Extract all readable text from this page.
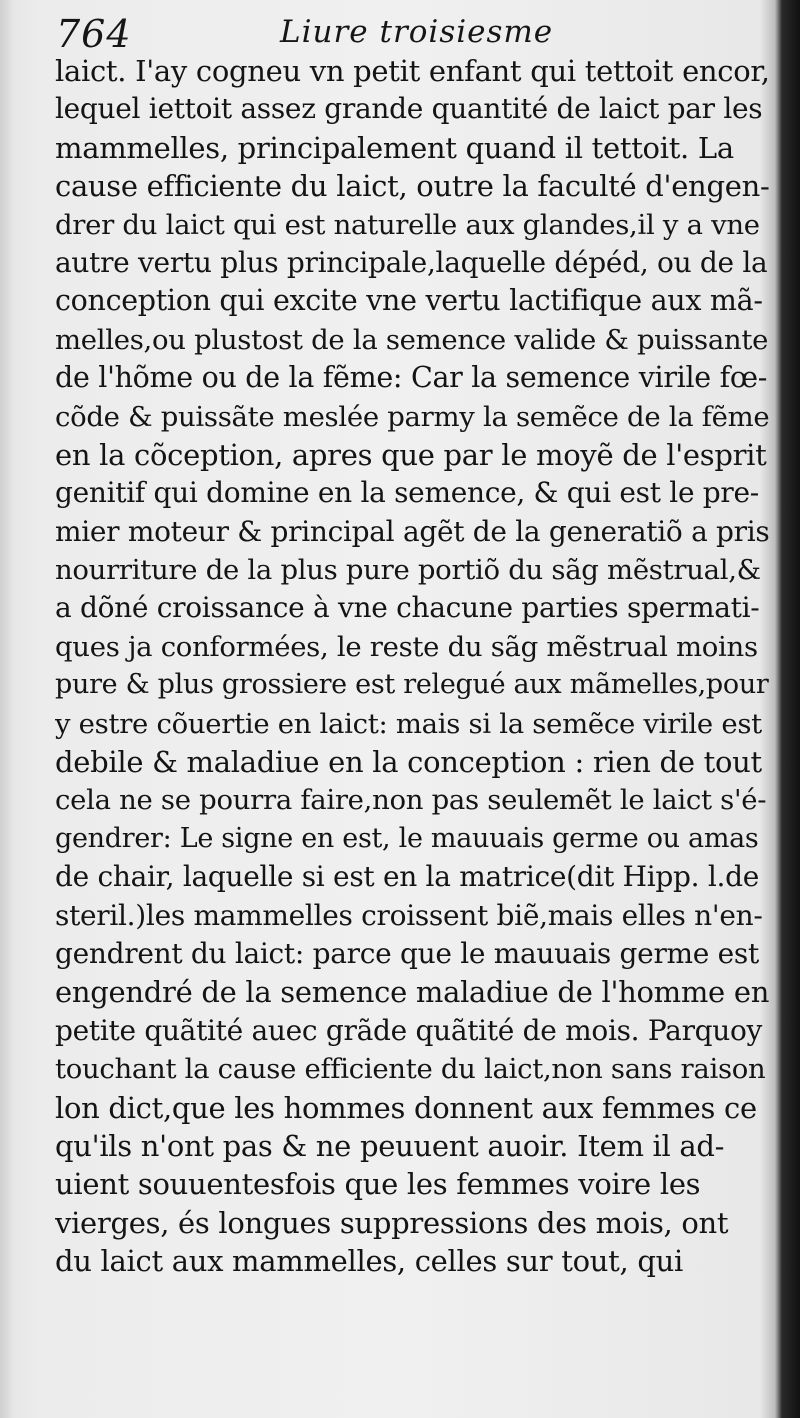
764	Liure troisiesme
laict. I'ay cogneu vn petit enfant qui tettoit encor,
lequel iettoit assez grande quantité de laict par les
mammelles, principalement quand il tettoit. La
cause efficiente du laict, outre la faculté d'engen-
drer du laict qui est naturelle aux glandes,il y a vne
autre vertu plus principale,laquelle dépéd, ou de la
conception qui excite vne vertu lactifique aux mã-
melles,ou plustost de la semence valide & puissante
de l'hõme ou de la fẽme: Car la semence virile fœ-
cõde & puissãte meslée parmy la semẽce de la fẽme
en la cõception, apres que par le moyẽ de l'esprit
genitif qui domine en la semence, & qui est le pre-
mier moteur & principal agẽt de la generatiõ a pris
nourriture de la plus pure portiõ du sãg mẽstrual,&
a dõné croissance à vne chacune parties spermati-
ques ja conformées, le reste du sãg mẽstrual moins
pure & plus grossiere est relegué aux mãmelles,pour
y estre cõuertie en laict: mais si la semẽce virile est
debile & maladiue en la conception : rien de tout
cela ne se pourra faire,non pas seulemẽt le laict s'é-
gendrer: Le signe en est, le mauuais germe ou amas
de chair, laquelle si est en la matrice(dit Hipp. l.de
steril.)les mammelles croissent biẽ,mais elles n'en-
gendrent du laict: parce que le mauuais germe est
engendré de la semence maladiue de l'homme en
petite quãtité auec grãde quãtité de mois. Parquoy
touchant la cause efficiente du laict,non sans raison
lon dict,que les hommes donnent aux femmes ce
qu'ils n'ont pas & ne peuuent auoir. Item il ad-
uient souuentesfois que les femmes voire les
vierges, és longues suppressions des mois, ont
du laict aux mammelles, celles sur tout, qui
